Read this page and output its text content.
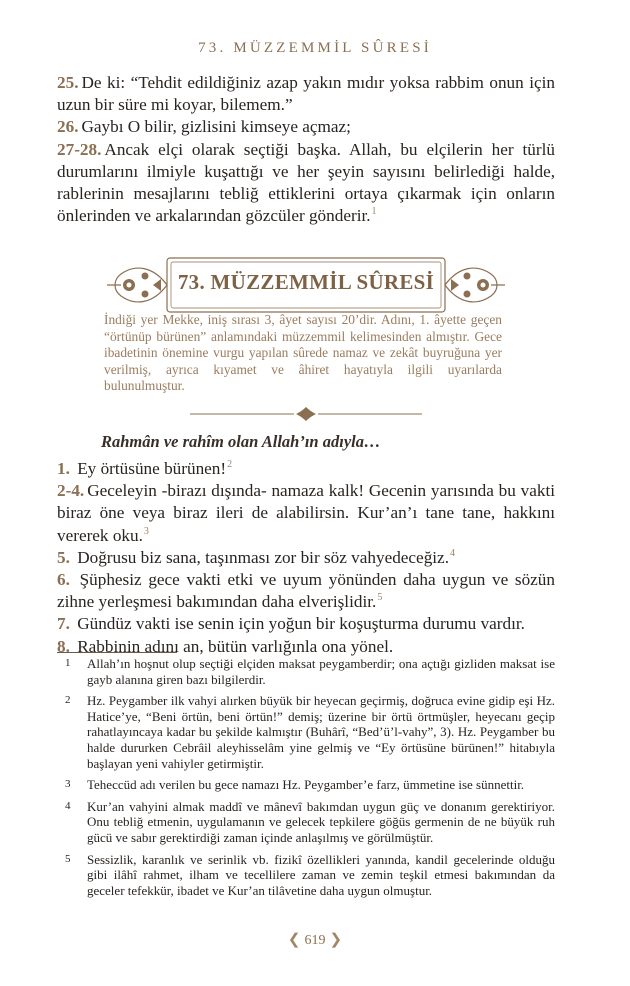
73. MÜZZEMMİL SÛRESİ

25. De ki: “Tehdit edildiğiniz azap yakın mıdır yoksa rabbim onun için uzun bir süre mi koyar, bilemem.”

26. Gaybı O bilir, gizlisini kimseye açmaz;

27-28. Ancak elçi olarak seçtiği başka. Allah, bu elçilerin her türlü durumlarını ilmiyle kuşattığı ve her şeyin sayısını belirlediği halde, rablerinin mesajlarını tebliğ ettiklerini ortaya çıkarmak için onların önlerinden ve arkalarından gözcüler gönderir.$^1$

73. MÜZZEMMİL SÛRESİ

İndiği yer Mekke, iniş sırası 3, âyet sayısı 20’dir. Adını, 1. âyette geçen “örtünüp bürünen” anlamındaki müzzemmil kelimesinden almıştır. Gece ibadetinin önemine vurgu yapılan sûrede namaz ve zekât buyruğuna yer verilmiş, ayrıca kıyamet ve âhiret hayatıyla ilgili uyarılarda bulunulmuştur.

Rahmân ve rahîm olan Allah’ın adıyla…

1. Ey örtüsüne bürünen!$^2$

2-4. Geceleyin -birazı dışında- namaza kalk! Gecenin yarısında bu vakti biraz öne veya biraz ileri de alabilirsin. Kur’an’ı tane tane, hakkını vererek oku.$^3$

5. Doğrusu biz sana, taşınması zor bir söz vahyedeceğiz.$^4$

6. Şüphesiz gece vakti etki ve uyum yönünden daha uygun ve sözün zihne yerleşmesi bakımından daha elverişlidir.$^5$

7. Gündüz vakti ise senin için yoğun bir koşuşturma durumu vardır.

8. Rabbinin adını an, bütün varlığınla ona yönel.

1 Allah’ın hoşnut olup seçtiği elçiden maksat peygamberdir; ona açtığı gizliden maksat ise gayb alanına giren bazı bilgilerdir.

2 Hz. Peygamber ilk vahyi alırken büyük bir heyecan geçirmiş, doğruca evine gidip eşi Hz. Hatice’ye, “Beni örtün, beni örtün!” demiş; üzerine bir örtü örtmüşler, heyecanı geçip rahatlayıncaya kadar bu şekilde kalmıştır (Buhârî, “Bed’ü’l-vahy”, 3). Hz. Peygamber bu halde dururken Cebrâil aleyhisselâm yine gelmiş ve “Ey örtüsüne bürünen!” hitabıyla başlayan yeni vahiyler getirmiştir.

3 Teheccüd adı verilen bu gece namazı Hz. Peygamber’e farz, ümmetine ise sünnettir.

4 Kur’an vahyini almak maddî ve mânevî bakımdan uygun güç ve donanım gerektiriyor. Onu tebliğ etmenin, uygulamanın ve gelecek tepkilere göğüs germenin de ne büyük ruh gücü ve sabır gerektirdiği zaman içinde anlaşılmış ve görülmüştür.

5 Sessizlik, karanlık ve serinlik vb. fizikî özellikleri yanında, kandil gecelerinde olduğu gibi ilâhî rahmet, ilham ve tecellilere zaman ve zemin teşkil etmesi bakımından da geceler tefekkür, ibadet ve Kur’an tilâvetine daha uygun olmuştur.

❮ 619 ❯
